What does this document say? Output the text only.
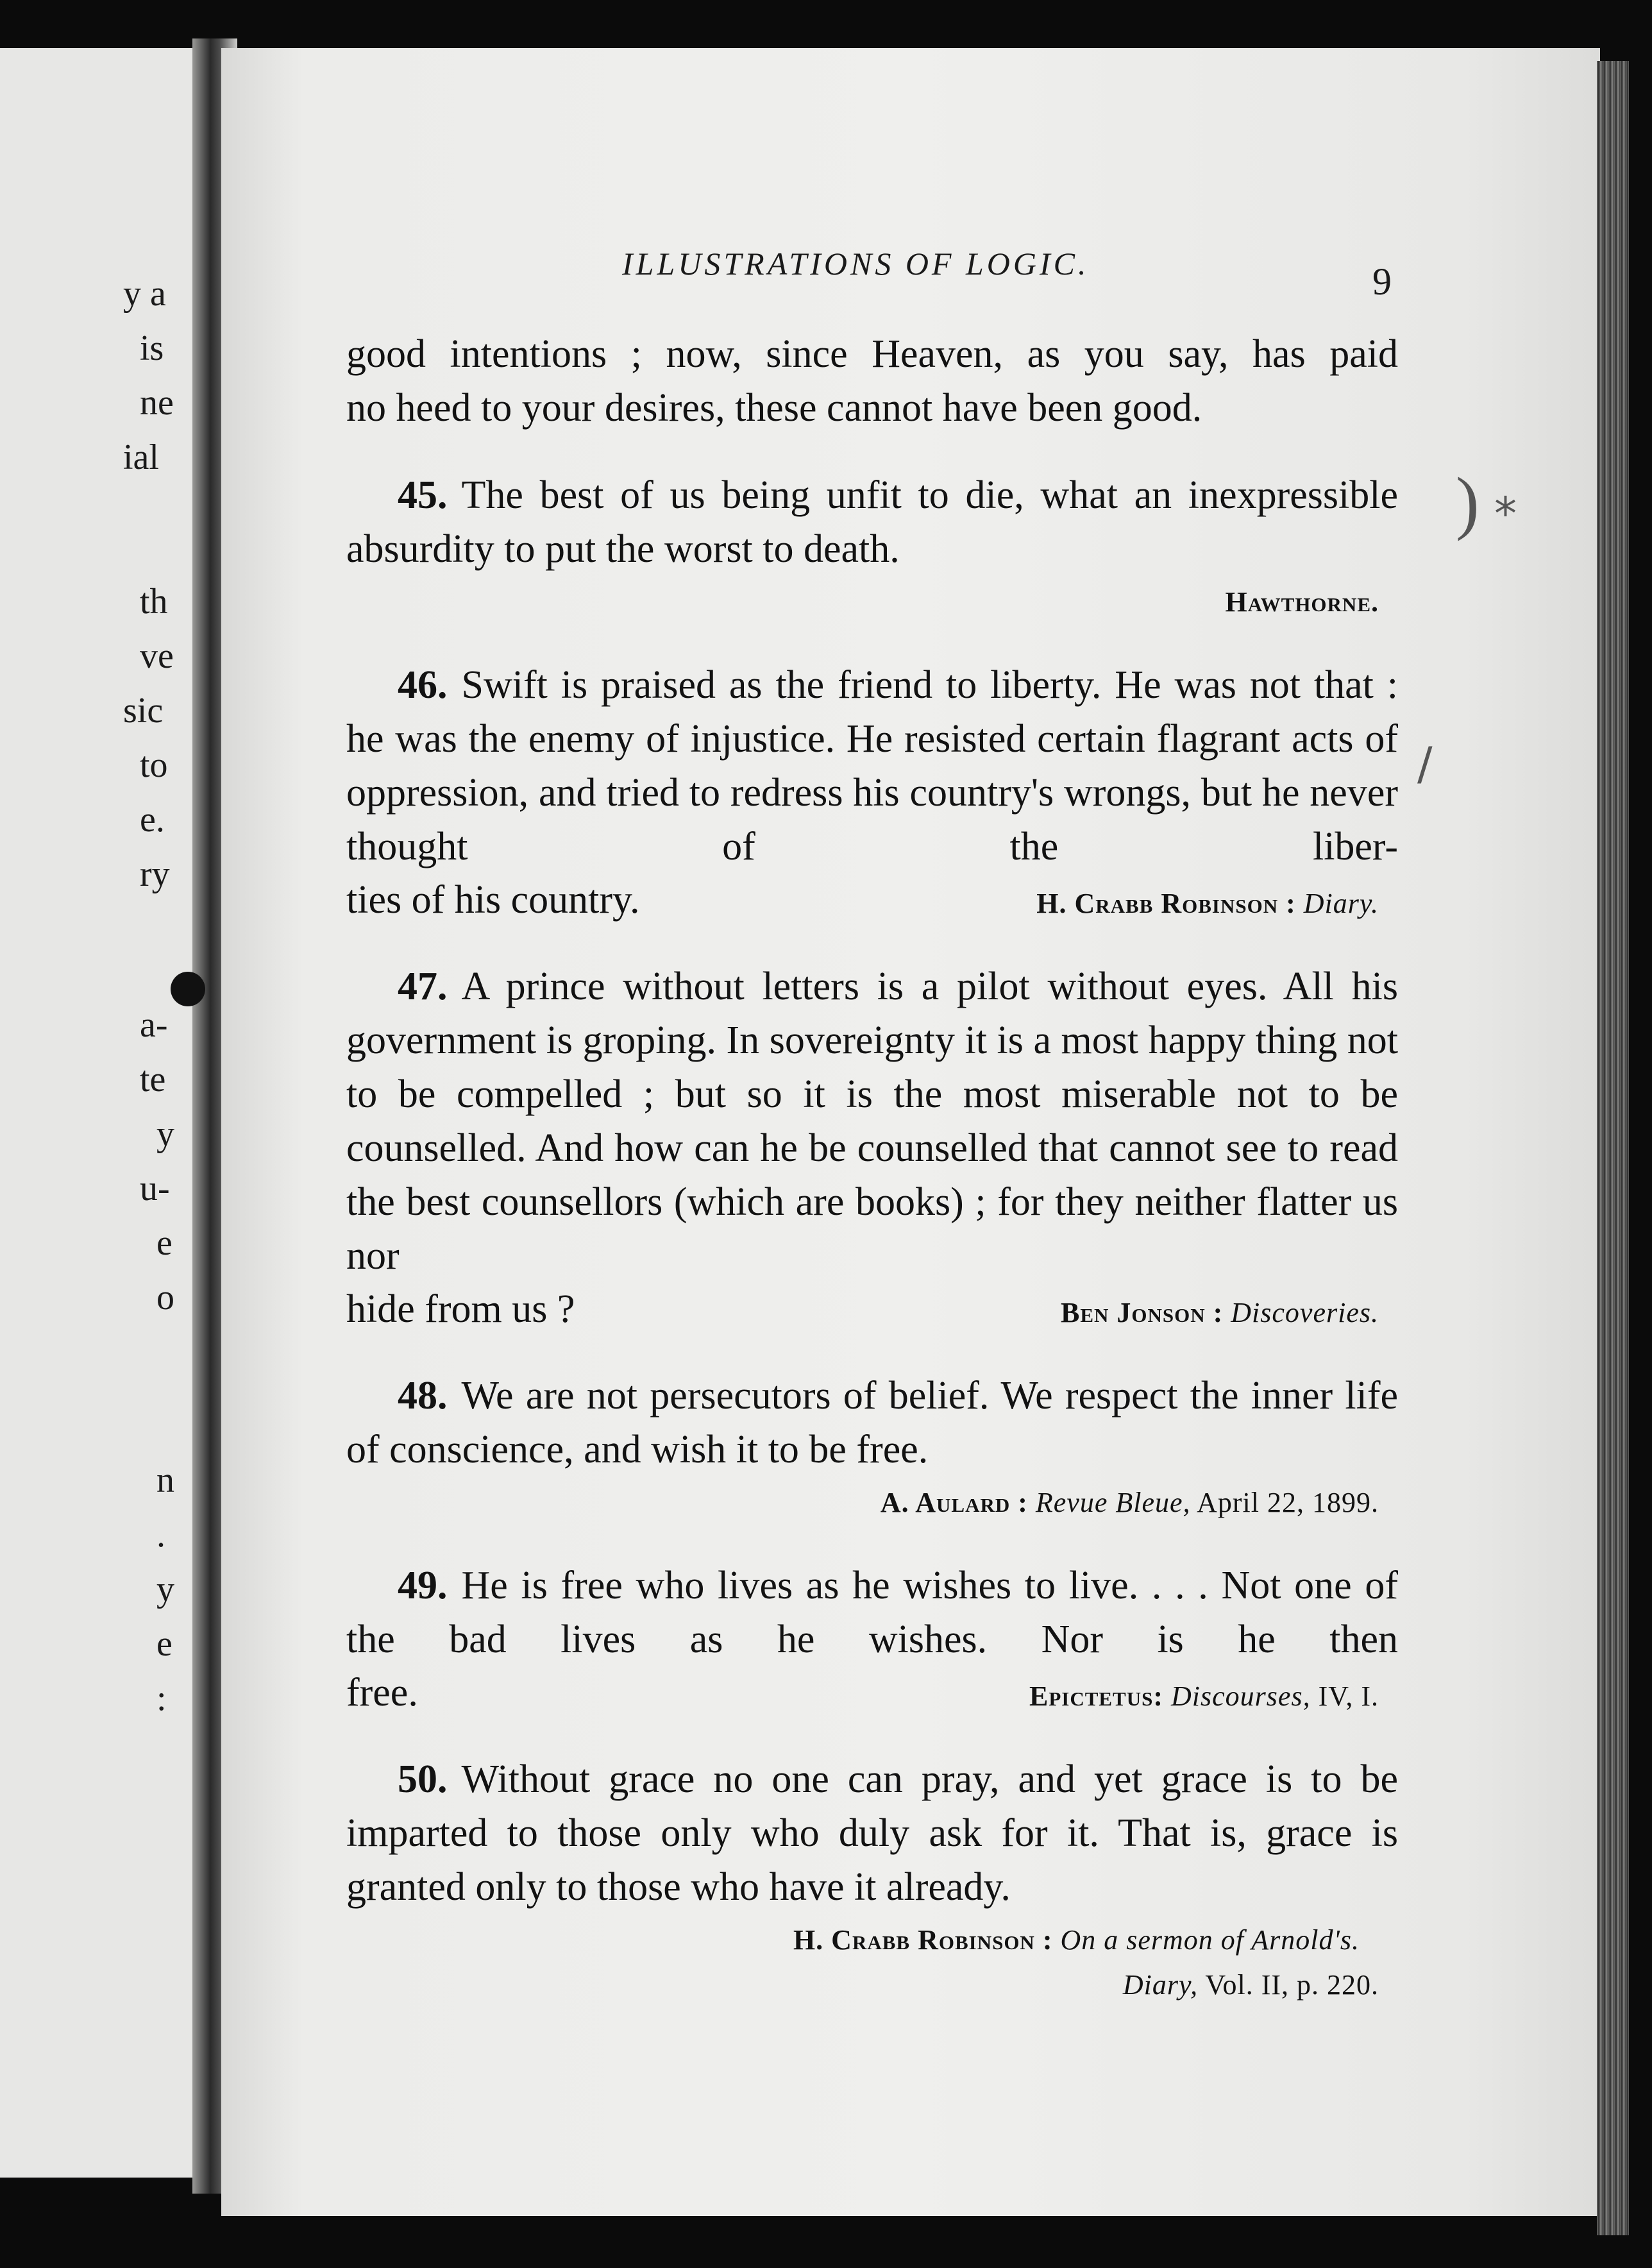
y a
is
ne
ial
th
ve
sic
to
e.
ry
a-
te
y
u-
e
o
n
.
y
e
:
ILLUSTRATIONS OF LOGIC.	9
) *
/

good intentions ; now, since Heaven, as you say, has paid

no heed to your desires, these cannot have been good.

45. The best of us being unfit to die, what an inexpressible absurdity to put the worst to death.

Hawthorne.

46. Swift is praised as the friend to liberty. He was not that : he was the enemy of injustice. He resisted certain flagrant acts of oppression, and tried to redress his country's wrongs, but he never thought of the liber-

ties of his country.	H. Crabb Robinson : Diary.

47. A prince without letters is a pilot without eyes. All his government is groping. In sovereignty it is a most happy thing not to be compelled ; but so it is the most miserable not to be counselled. And how can he be counselled that cannot see to read the best counsellors (which are books) ; for they neither flatter us nor

hide from us ?	Ben Jonson : Discoveries.

48. We are not persecutors of belief. We respect the inner life of conscience, and wish it to be free.

A. Aulard : Revue Bleue, April 22, 1899.

49. He is free who lives as he wishes to live. . . . Not one of the bad lives as he wishes. Nor is he then

free.	Epictetus: Discourses, IV, I.

50. Without grace no one can pray, and yet grace is to be imparted to those only who duly ask for it. That is, grace is granted only to those who have it already.

H. Crabb Robinson : On a sermon of Arnold's.
Diary, Vol. II, p. 220.
